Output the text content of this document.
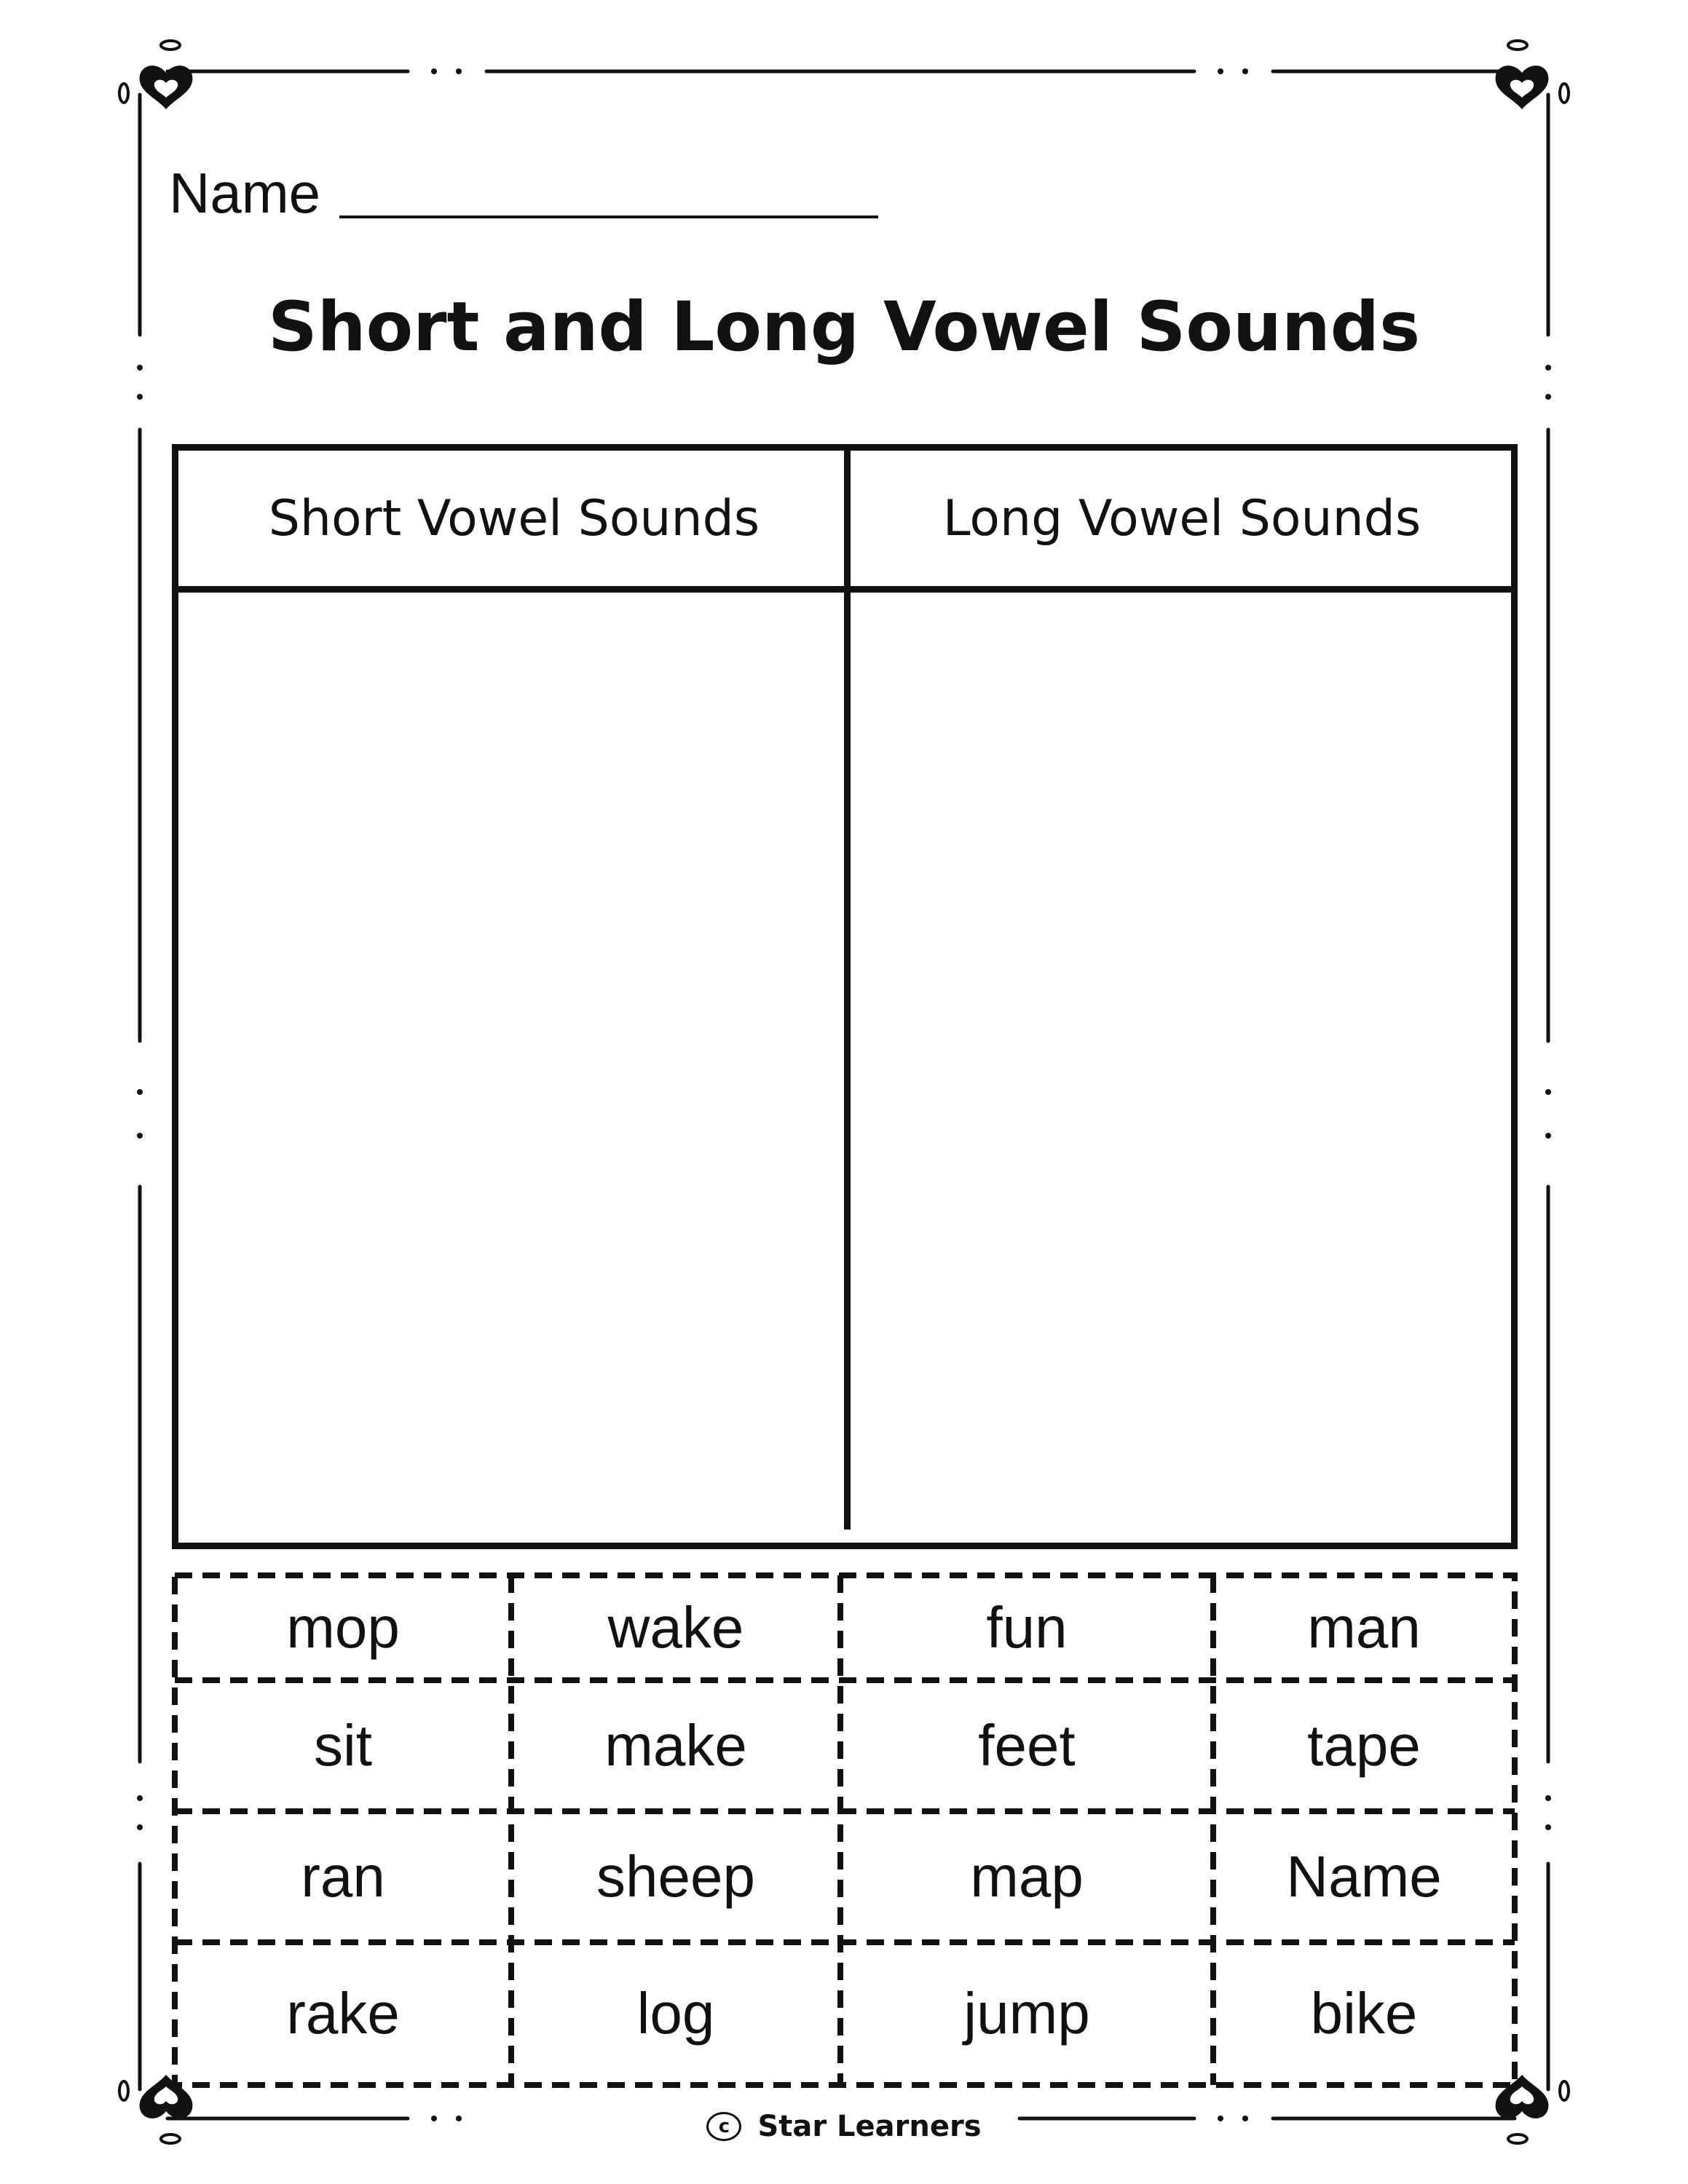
Name
Short and Long Vowel Sounds
Short Vowel Sounds	Long Vowel Sounds
mop	wake	fun	man
sit	make	feet	tape
ran	sheep	map	Name
rake	log	jump	bike
c Star Learners
